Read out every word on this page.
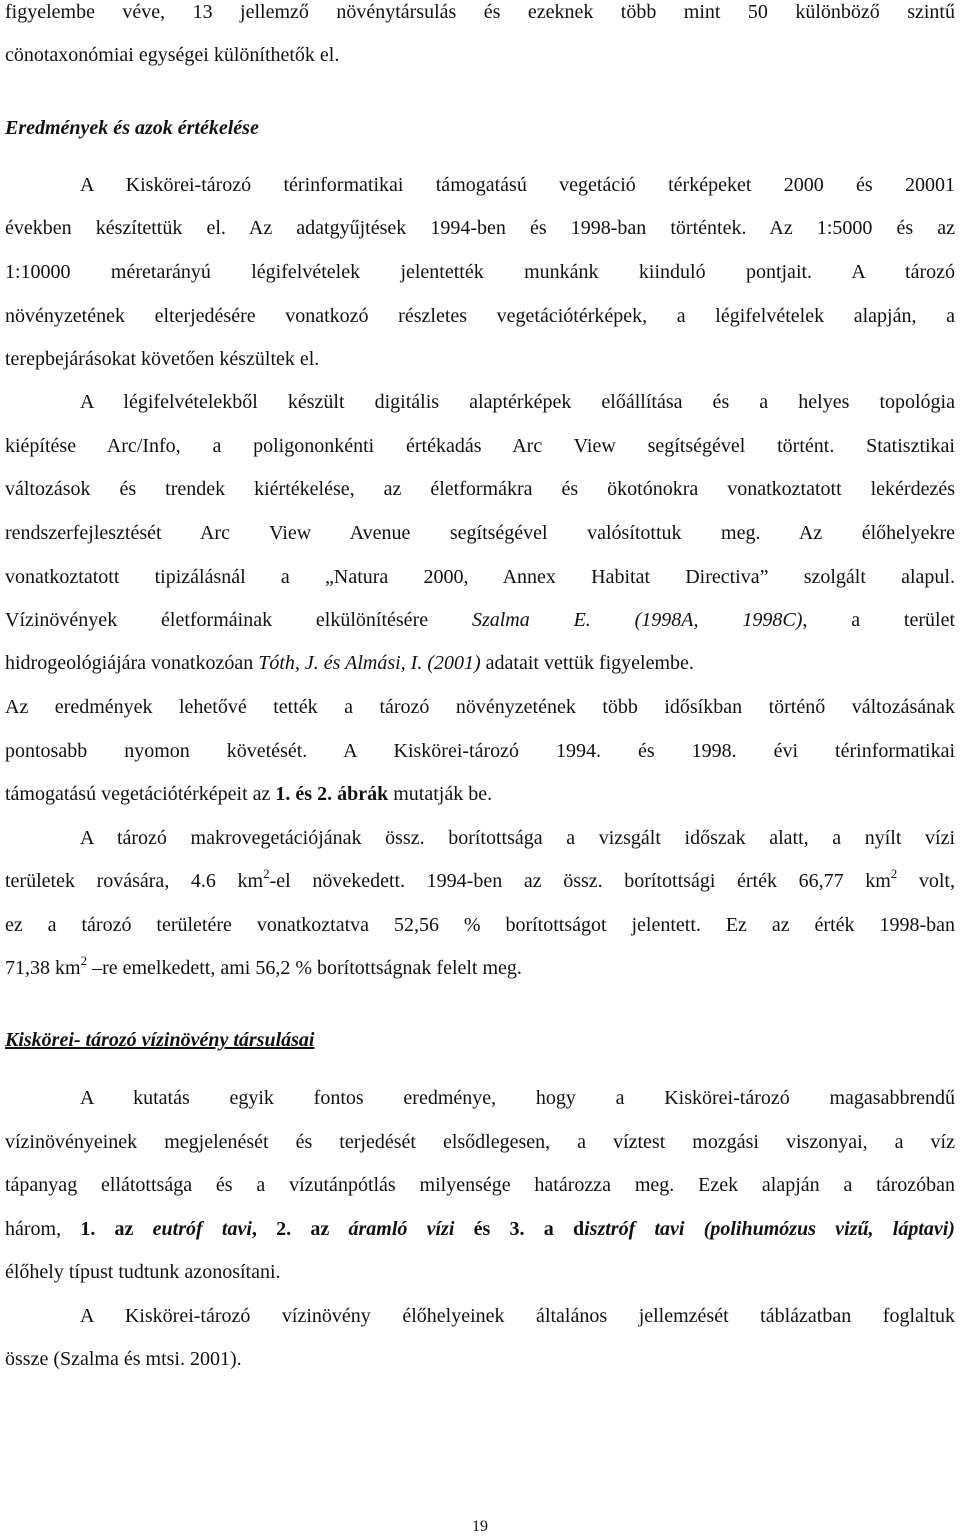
figyelembe véve, 13 jellemző növénytársulás és ezeknek több mint 50 különböző szintű
cönotaxonómiai egységei különíthetők el.
Eredmények és azok értékelése
A Kiskörei-tározó térinformatikai támogatású vegetáció térképeket 2000 és 20001
években készítettük el. Az adatgyűjtések 1994-ben és 1998-ban történtek. Az 1:5000 és az
1:10000 méretarányú légifelvételek jelentették munkánk kiinduló pontjait. A tározó
növényzetének elterjedésére vonatkozó részletes vegetációtérképek, a légifelvételek alapján, a
terepbejárásokat követően készültek el.
A légifelvételekből készült digitális alaptérképek előállítása és a helyes topológia
kiépítése Arc/Info, a poligononkénti értékadás Arc View segítségével történt. Statisztikai
változások és trendek kiértékelése, az életformákra és ökotónokra vonatkoztatott lekérdezés
rendszerfejlesztését Arc View Avenue segítségével valósítottuk meg. Az élőhelyekre
vonatkoztatott tipizálásnál a „Natura 2000, Annex Habitat Directiva” szolgált alapul.
Vízinövények életformáinak elkülönítésére Szalma E. (1998A, 1998C), a terület
hidrogeológiájára vonatkozóan Tóth, J. és Almási, I. (2001) adatait vettük figyelembe.
Az eredmények lehetővé tették a tározó növényzetének több idősíkban történő változásának
pontosabb nyomon követését. A Kiskörei-tározó 1994. és 1998. évi térinformatikai
támogatású vegetációtérképeit az 1. és 2. ábrák mutatják be.
A tározó makrovegetációjának össz. borítottsága a vizsgált időszak alatt, a nyílt vízi
területek rovására, 4.6 $km^2-el$ növekedett. 1994-ben az össz. borítottsági érték 66,77 $km^2$ volt,
ez a tározó területére vonatkoztatva 52,56 % borítottságot jelentett. Ez az érték 1998-ban
71,38 $km^2$ –re emelkedett, ami 56,2 % borítottságnak felelt meg.
Kiskörei- tározó vízinövény társulásai
A kutatás egyik fontos eredménye, hogy a Kiskörei-tározó magasabbrendű
vízinövényeinek megjelenését és terjedését elsődlegesen, a víztest mozgási viszonyai, a víz
tápanyag ellátottsága és a vízutánpótlás milyensége határozza meg. Ezek alapján a tározóban
három, 1. az eutróf tavi, 2. az áramló vízi és 3. a disztróf tavi (polihumózus vizű, láptavi)
élőhely típust tudtunk azonosítani.
A Kiskörei-tározó vízinövény élőhelyeinek általános jellemzését táblázatban foglaltuk
össze (Szalma és mtsi. 2001).
19
